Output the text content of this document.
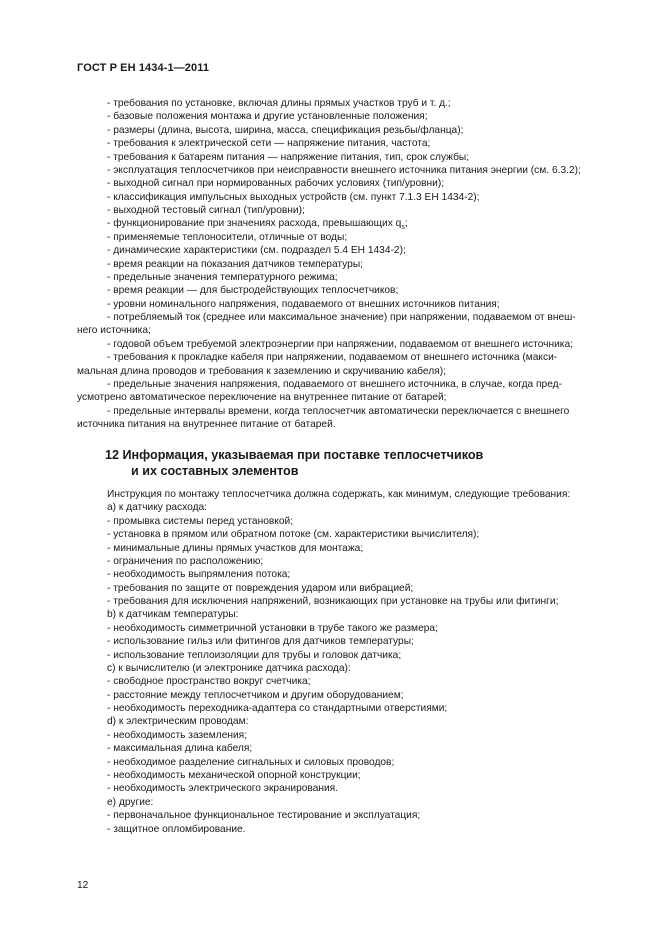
ГОСТ Р ЕН 1434-1—2011
- требования по установке, включая длины прямых участков труб и т. д.;
- базовые положения монтажа и другие установленные положения;
- размеры (длина, высота, ширина, масса, спецификация резьбы/фланца);
- требования к электрической сети — напряжение питания, частота;
- требования к батареям питания — напряжение питания, тип, срок службы;
- эксплуатация теплосчетчиков при неисправности внешнего источника питания энергии (см. 6.3.2);
- выходной сигнал при нормированных рабочих условиях (тип/уровни);
- классификация импульсных выходных устройств (см. пункт 7.1.3 ЕН 1434-2);
- выходной тестовый сигнал (тип/уровни);
- функционирование при значениях расхода, превышающих $q_s$;
- применяемые теплоносители, отличные от воды;
- динамические характеристики (см. подраздел 5.4 ЕН 1434-2);
- время реакции на показания датчиков температуры;
- предельные значения температурного режима;
- время реакции — для быстродействующих теплосчетчиков;
- уровни номинального напряжения, подаваемого от внешних источников питания;
- потребляемый ток (среднее или максимальное значение) при напряжении, подаваемом от внеш-
него источника;
- годовой объем требуемой электроэнергии при напряжении, подаваемом от внешнего источника;
- требования к прокладке кабеля при напряжении, подаваемом от внешнего источника (макси-
мальная длина проводов и требования к заземлению и скручиванию кабеля);
- предельные значения напряжения, подаваемого от внешнего источника, в случае, когда пред-
усмотрено автоматическое переключение на внутреннее питание от батарей;
- предельные интервалы времени, когда теплосчетчик автоматически переключается с внешнего
источника питания на внутреннее питание от батарей.
12 Информация, указываемая при поставке теплосчетчиков
и их составных элементов
Инструкция по монтажу теплосчетчика должна содержать, как минимум, следующие требования:
а) к датчику расхода:
- промывка системы перед установкой;
- установка в прямом или обратном потоке (см. характеристики вычислителя);
- минимальные длины прямых участков для монтажа;
- ограничения по расположению;
- необходимость выпрямления потока;
- требования по защите от повреждения ударом или вибрацией;
- требования для исключения напряжений, возникающих при установке на трубы или фитинги;
b) к датчикам температуры:
- необходимость симметричной установки в трубе такого же размера;
- использование гильз или фитингов для датчиков температуры;
- использование теплоизоляции для трубы и головок датчика;
c) к вычислителю (и электронике датчика расхода):
- свободное пространство вокруг счетчика;
- расстояние между теплосчетчиком и другим оборудованием;
- необходимость переходника-адаптера со стандартными отверстиями;
d) к электрическим проводам:
- необходимость заземления;
- максимальная длина кабеля;
- необходимое разделение сигнальных и силовых проводов;
- необходимость механической опорной конструкции;
- необходимость электрического экранирования.
е) другие:
- первоначальное функциональное тестирование и эксплуатация;
- защитное опломбирование.
12
